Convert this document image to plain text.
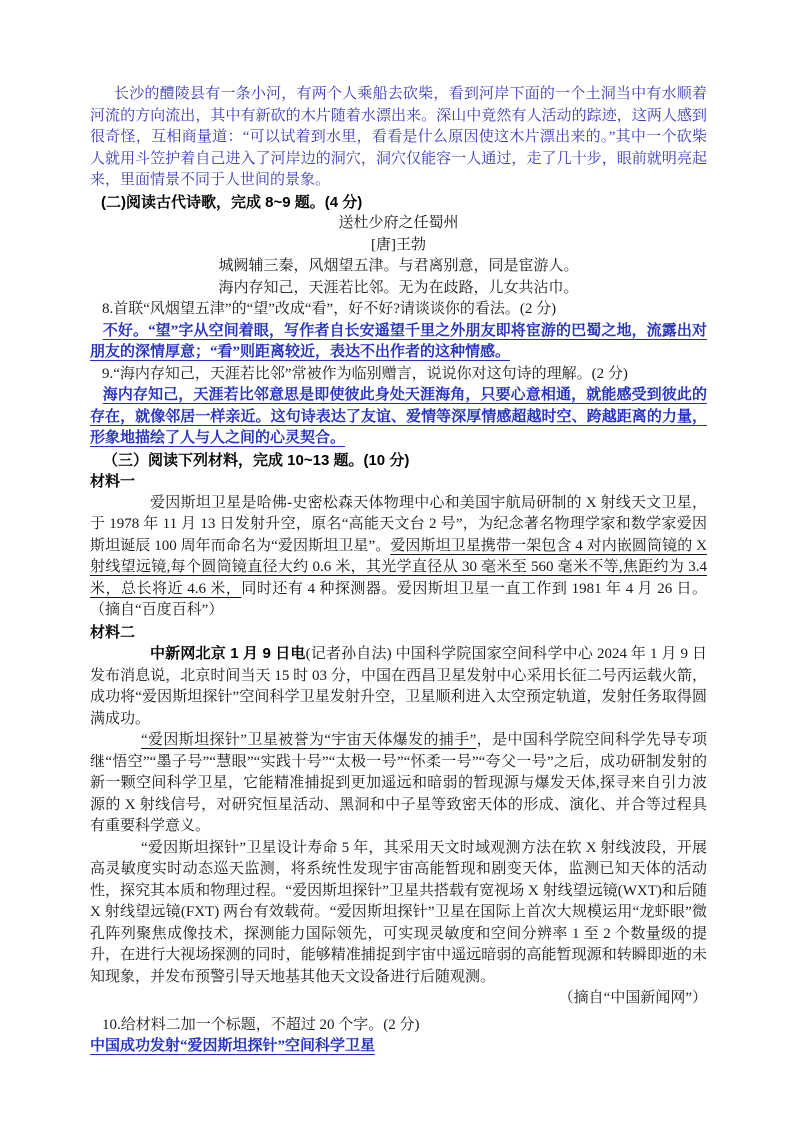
长沙的醴陵县有一条小河，有两个人乘船去砍柴，看到河岸下面的一个土洞当中有水顺着河流的方向流出，其中有新砍的木片随着水漂出来。深山中竟然有人活动的踪迹，这两人感到很奇怪，互相商量道：“可以试着到水里，看看是什么原因使这木片漂出来的。”其中一个砍柴人就用斗笠护着自己进入了河岸边的洞穴，洞穴仅能容一人通过，走了几十步，眼前就明亮起来，里面情景不同于人世间的景象。

(二)阅读古代诗歌，完成 8~9 题。(4 分)

送杜少府之任蜀州

[唐]王勃

城阙辅三秦，风烟望五津。与君离别意，同是宦游人。

海内存知己，天涯若比邻。无为在歧路，儿女共沾巾。

8.首联“风烟望五津”的“望”改成“看”，好不好?请谈谈你的看法。(2 分)

不好。“望”字从空间着眼，写作者自长安遥望千里之外朋友即将宦游的巴蜀之地，流露出对朋友的深情厚意；“看”则距离较近，表达不出作者的这种情感。

9.“海内存知己，天涯若比邻”常被作为临别赠言，说说你对这句诗的理解。(2 分)

海内存知己，天涯若比邻意思是即使彼此身处天涯海角，只要心意相通，就能感受到彼此的存在，就像邻居一样亲近。这句诗表达了友谊、爱情等深厚情感超越时空、跨越距离的力量，形象地描绘了人与人之间的心灵契合。

（三）阅读下列材料，完成 10~13 题。(10 分)

材料一

爱因斯坦卫星是哈佛-史密松森天体物理中心和美国宇航局研制的 X 射线天文卫星，于 1978 年 11 月 13 日发射升空，原名“高能天文台 2 号”，为纪念著名物理学家和数学家爱因斯坦诞辰 100 周年而命名为“爱因斯坦卫星”。爱因斯坦卫星携带一架包含 4 对内嵌圆筒镜的 X 射线望远镜,每个圆筒镜直径大约 0.6 米，其光学直径从 30 毫米至 560 毫米不等,焦距约为 3.4 米，总长将近 4.6 米，同时还有 4 种探测器。爱因斯坦卫星一直工作到 1981 年 4 月 26 日。（摘自“百度百科”）

材料二

中新网北京 1 月 9 日电(记者孙自法) 中国科学院国家空间科学中心 2024 年 1 月 9 日发布消息说，北京时间当天 15 时 03 分，中国在西昌卫星发射中心采用长征二号丙运载火箭，成功将“爱因斯坦探针”空间科学卫星发射升空，卫星顺利进入太空预定轨道，发射任务取得圆满成功。

“爱因斯坦探针”卫星被誉为“宇宙天体爆发的捕手”，是中国科学院空间科学先导专项继“悟空”“墨子号”“慧眼”“实践十号”“太极一号”“怀柔一号”“夸父一号”之后，成功研制发射的新一颗空间科学卫星，它能精准捕捉到更加遥远和暗弱的暂现源与爆发天体,探寻来自引力波源的 X 射线信号，对研究恒星活动、黑洞和中子星等致密天体的形成、演化、并合等过程具有重要科学意义。

“爱因斯坦探针”卫星设计寿命 5 年，其采用天文时域观测方法在软 X 射线波段，开展高灵敏度实时动态巡天监测，将系统性发现宇宙高能暂现和剧变天体，监测已知天体的活动性，探究其本质和物理过程。“爱因斯坦探针”卫星共搭载有宽视场 X 射线望远镜(WXT)和后随 X 射线望远镜(FXT) 两台有效载荷。“爱因斯坦探针”卫星在国际上首次大规模运用“龙虾眼”微孔阵列聚焦成像技术，探测能力国际领先，可实现灵敏度和空间分辨率 1 至 2 个数量级的提升，在进行大视场探测的同时，能够精准捕捉到宇宙中遥远暗弱的高能暂现源和转瞬即逝的未知现象，并发布预警引导天地基其他天文设备进行后随观测。

（摘自“中国新闻网”）

10.给材料二加一个标题，不超过 20 个字。(2 分)

中国成功发射“爱因斯坦探针”空间科学卫星
